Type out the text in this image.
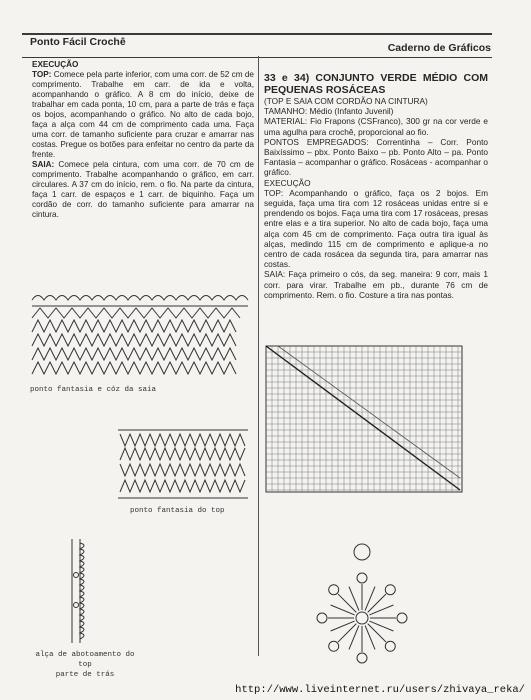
Ponto Fácil Crochê	Caderno de Gráficos

EXECUÇÃO

TOP: Comece pela parte inferior, com uma corr. de 52 cm de comprimento. Trabalhe em carr. de ida e volta, acompanhando o gráfico. A 8 cm do início, deixe de trabalhar em cada ponta, 10 cm, para a parte de trás e faça os bojos, acompanhando o gráfico. No alto de cada bojo, faça a alça com 44 cm de comprimento cada uma. Faça uma corr. de tamanho suficiente para cruzar e amarrar nas costas. Pregue os botões para enfeitar no centro da parte da frente.

SAIA: Comece pela cintura, com uma corr. de 70 cm de comprimento. Trabalhe acompanhando o gráfico, em carr. circulares. A 37 cm do início, rem. o fio. Na parte da cintura, faça 1 carr. de espaços e 1 carr. de biquinho. Faça um cordão de corr. do tamanho suficiente para amarrar na cintura.

33 e 34) CONJUNTO VERDE MÉDIO COM PEQUENAS ROSÁCEAS

(TOP E SAIA COM CORDÃO NA CINTURA)

TAMANHO: Médio (Infanto Juvenil)

MATERIAL: Fio Frapons (CSFranco), 300 gr na cor verde e uma agulha para crochê, proporcional ao fio.

PONTOS EMPREGADOS: Correntinha – Corr. Ponto Baixíssimo – pbx. Ponto Baixo – pb. Ponto Alto – pa. Ponto Fantasia – acompanhar o gráfico. Rosáceas - acompanhar o gráfico.

EXECUÇÃO

TOP: Acompanhando o gráfico, faça os 2 bojos. Em seguida, faça uma tira com 12 rosáceas unidas entre si e prendendo os bojos. Faça uma tira com 17 rosáceas, presas entre elas e a tira superior. No alto de cada bojo, faça uma alça com 45 cm de comprimento. Faça outra tira igual às alças, medindo 115 cm de comprimento e aplique-a no centro de cada rosácea da segunda tira, para amarrar nas costas.

SAIA: Faça primeiro o cós, da seg. maneira: 9 corr, mais 1 corr. para virar. Trabalhe em pb., durante 76 cm de comprimento. Rem. o fio. Costure a tira nas pontas.

ponto fantasia e cóz da saia
ponto fantasia do top
alça de abotoamento do top
parte de trás
http://www.liveinternet.ru/users/zhivaya_reka/
